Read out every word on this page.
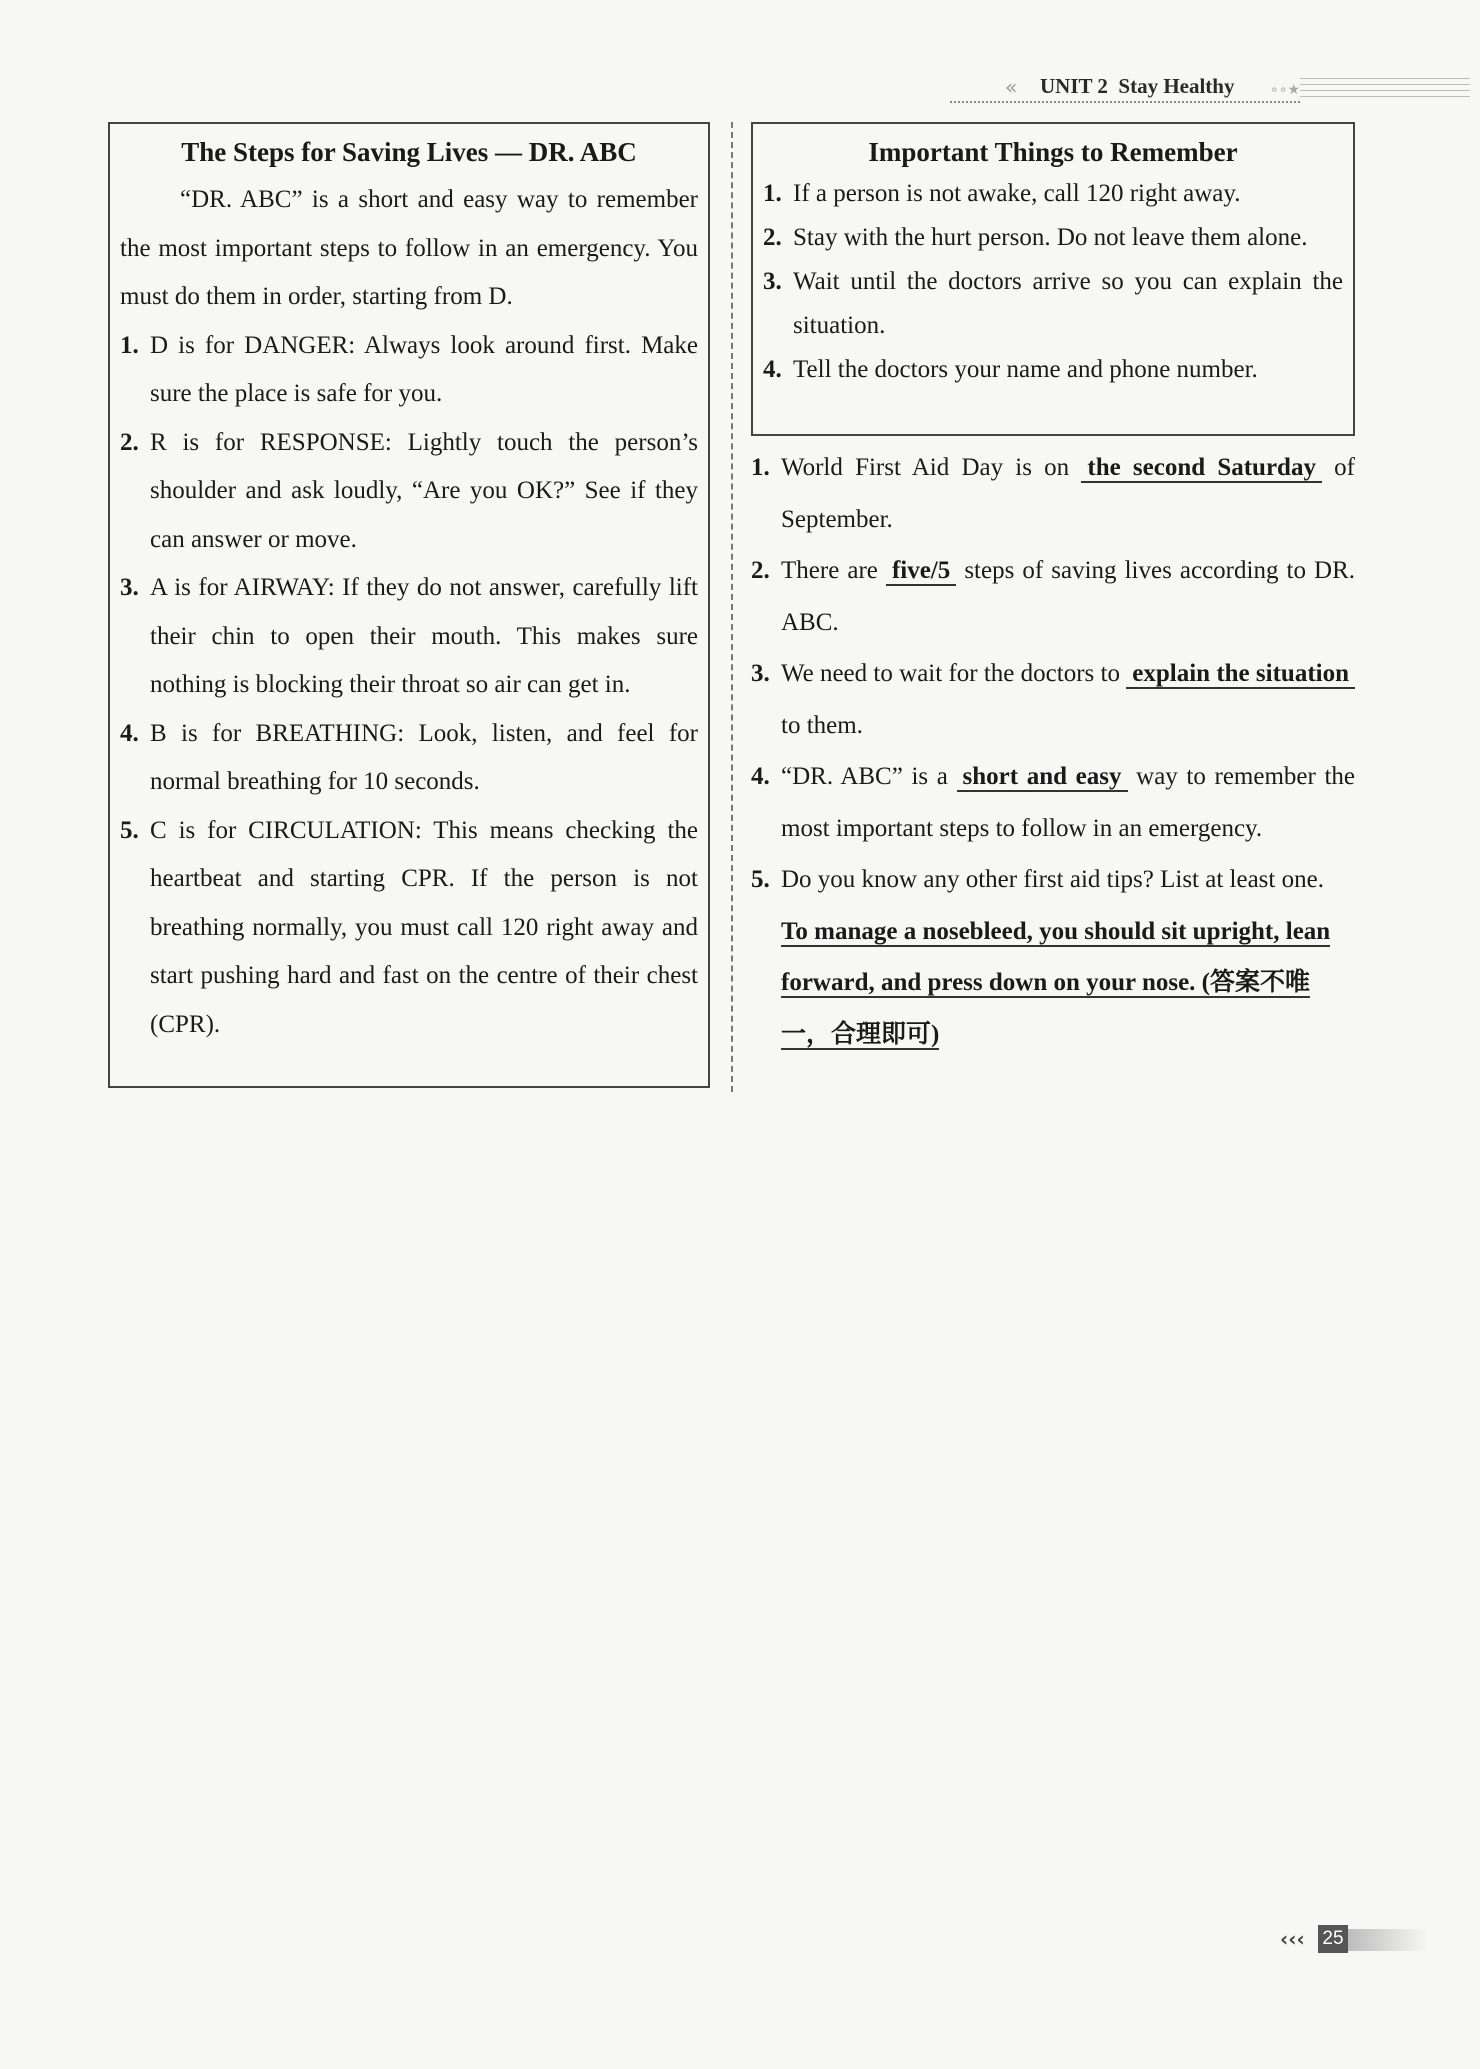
« UNIT 2 Stay Healthy	∘∘★
The Steps for Saving Lives — DR. ABC
“DR. ABC” is a short and easy way to remember the most important steps to follow in an emergency. You must do them in order, starting from D.
1. D is for DANGER: Always look around first. Make sure the place is safe for you.
2. R is for RESPONSE: Lightly touch the person’s shoulder and ask loudly, “Are you OK?” See if they can answer or move.
3. A is for AIRWAY: If they do not answer, carefully lift their chin to open their mouth. This makes sure nothing is blocking their throat so air can get in.
4. B is for BREATHING: Look, listen, and feel for normal breathing for 10 seconds.
5. C is for CIRCULATION: This means checking the heartbeat and starting CPR. If the person is not breathing normally, you must call 120 right away and start pushing hard and fast on the centre of their chest (CPR).
Important Things to Remember
1. If a person is not awake, call 120 right away.
2. Stay with the hurt person. Do not leave them alone.
3. Wait until the doctors arrive so you can explain the situation.
4. Tell the doctors your name and phone number.
1. World First Aid Day is on the second Saturday of September.
2. There are five/5 steps of saving lives according to DR. ABC.
3. We need to wait for the doctors to explain the situation to them.
4. “DR. ABC” is a short and easy way to remember the most important steps to follow in an emergency.
5. Do you know any other first aid tips? List at least one.
To manage a nosebleed, you should sit upright, lean forward, and press down on your nose. (答案不唯一，合理即可)
‹‹‹ 25
